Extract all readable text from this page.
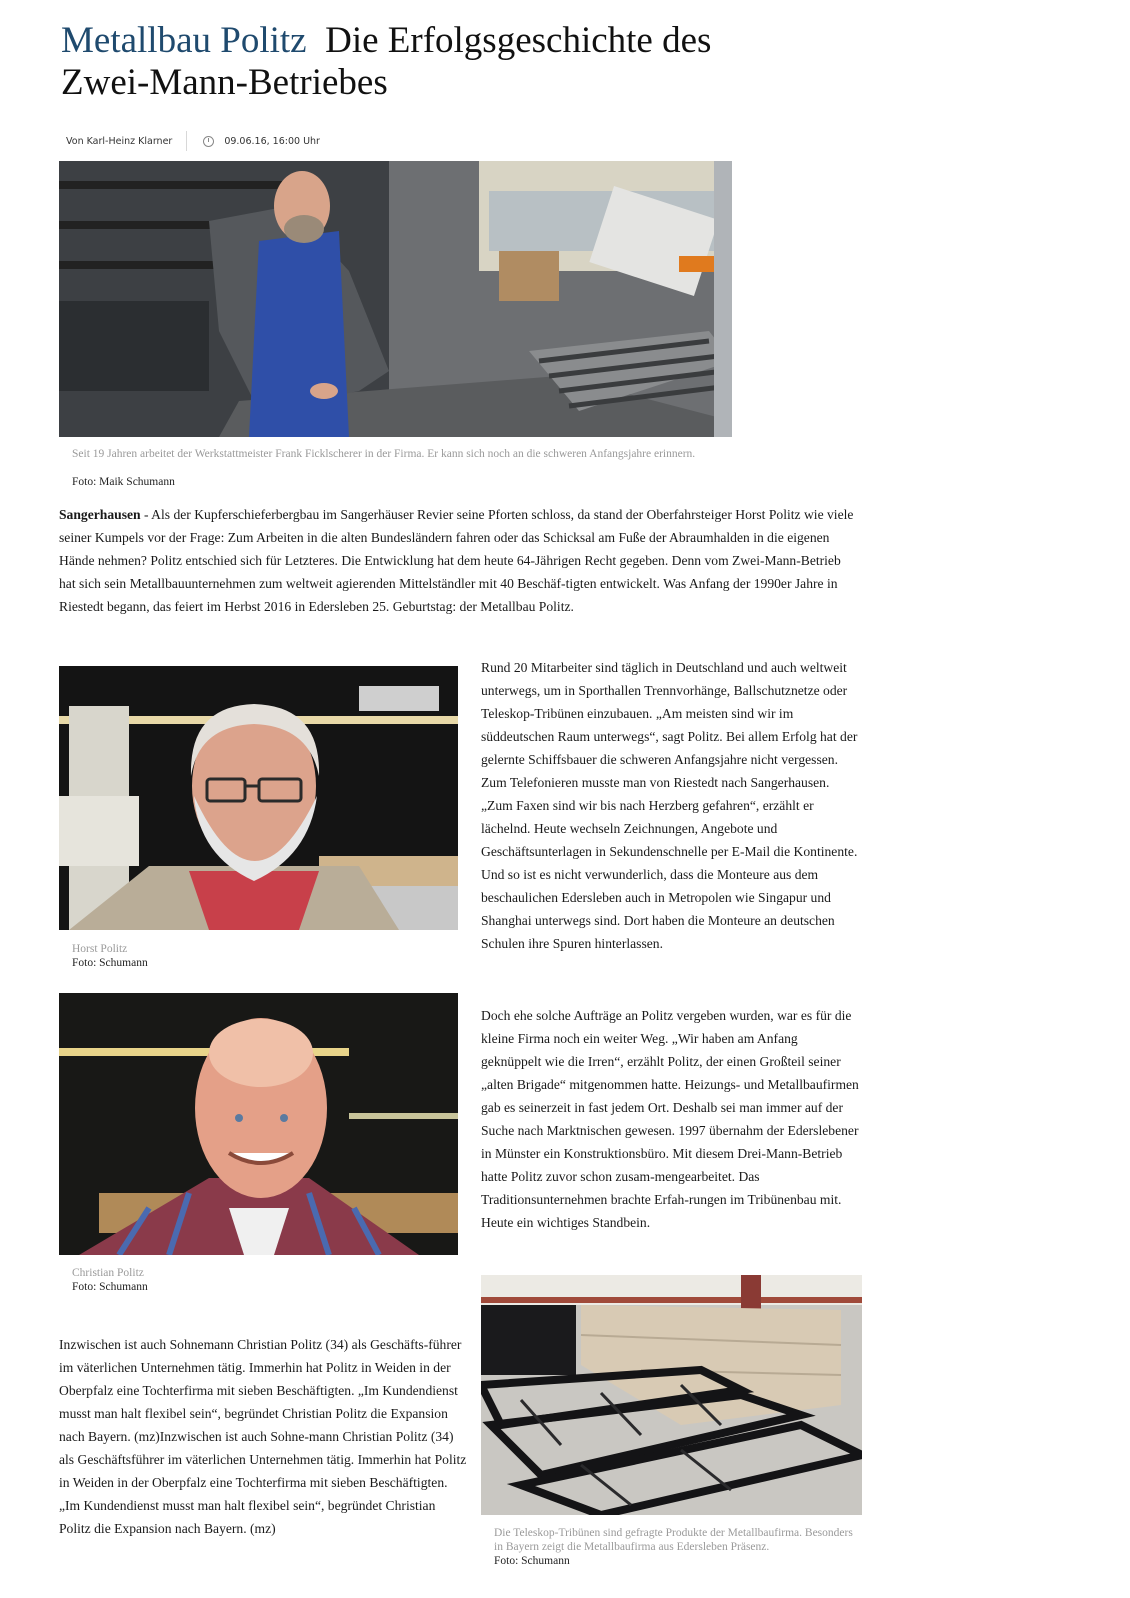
Metallbau Politz Die Erfolgsgeschichte des Zwei-Mann-Betriebes
Von Karl-Heinz Klarner	09.06.16, 16:00 Uhr
Seit 19 Jahren arbeitet der Werkstattmeister Frank Ficklscherer in der Firma. Er kann sich noch an die schweren Anfangsjahre erinnern.
Foto: Maik Schumann

Sangerhausen - Als der Kupferschieferbergbau im Sangerhäuser Revier seine Pforten schloss, da stand der Oberfahrsteiger Horst Politz wie viele seiner Kumpels vor der Frage: Zum Arbeiten in die alten Bundesländern fahren oder das Schicksal am Fuße der Abraumhalden in die eigenen Hände nehmen? Politz entschied sich für Letzteres. Die Entwicklung hat dem heute 64-Jährigen Recht gegeben. Denn vom Zwei-Mann-Betrieb hat sich sein Metallbauunternehmen zum weltweit agierenden Mittelständler mit 40 Beschäf-tigten entwickelt. Was Anfang der 1990er Jahre in Riestedt begann, das feiert im Herbst 2016 in Edersleben 25. Geburtstag: der Metallbau Politz.

Horst Politz
Foto: Schumann

Rund 20 Mitarbeiter sind täglich in Deutschland und auch weltweit unterwegs, um in Sporthallen Trennvorhänge, Ballschutznetze oder Teleskop-Tribünen einzubauen. „Am meisten sind wir im süddeutschen Raum unterwegs“, sagt Politz. Bei allem Erfolg hat der gelernte Schiffsbauer die schweren Anfangsjahre nicht vergessen. Zum Telefonieren musste man von Riestedt nach Sangerhausen. „Zum Faxen sind wir bis nach Herzberg gefahren“, erzählt er lächelnd. Heute wechseln Zeichnungen, Angebote und Geschäftsunterlagen in Sekundenschnelle per E-Mail die Kontinente. Und so ist es nicht verwunderlich, dass die Monteure aus dem beschaulichen Edersleben auch in Metropolen wie Singapur und Shanghai unterwegs sind. Dort haben die Monteure an deutschen Schulen ihre Spuren hinterlassen.

Christian Politz
Foto: Schumann

Doch ehe solche Aufträge an Politz vergeben wurden, war es für die kleine Firma noch ein weiter Weg. „Wir haben am Anfang geknüppelt wie die Irren“, erzählt Politz, der einen Großteil seiner „alten Brigade“ mitgenommen hatte. Heizungs- und Metallbaufirmen gab es seinerzeit in fast jedem Ort. Deshalb sei man immer auf der Suche nach Marktnischen gewesen. 1997 übernahm der Ederslebener in Münster ein Konstruktionsbüro. Mit diesem Drei-Mann-Betrieb hatte Politz zuvor schon zusam-mengearbeitet. Das Traditionsunternehmen brachte Erfah-rungen im Tribünenbau mit. Heute ein wichtiges Standbein.

Die Teleskop-Tribünen sind gefragte Produkte der Metallbaufirma. Besonders in Bayern zeigt die Metallbaufirma aus Edersleben Präsenz.
Foto: Schumann

Inzwischen ist auch Sohnemann Christian Politz (34) als Geschäfts-führer im väterlichen Unternehmen tätig. Immerhin hat Politz in Weiden in der Oberpfalz eine Tochterfirma mit sieben Beschäftigten. „Im Kundendienst musst man halt flexibel sein“, begründet Christian Politz die Expansion nach Bayern. (mz)Inzwischen ist auch Sohne-mann Christian Politz (34) als Geschäftsführer im väterlichen Unternehmen tätig. Immerhin hat Politz in Weiden in der Oberpfalz eine Tochterfirma mit sieben Beschäftigten. „Im Kundendienst musst man halt flexibel sein“, begründet Christian Politz die Expansion nach Bayern. (mz)
